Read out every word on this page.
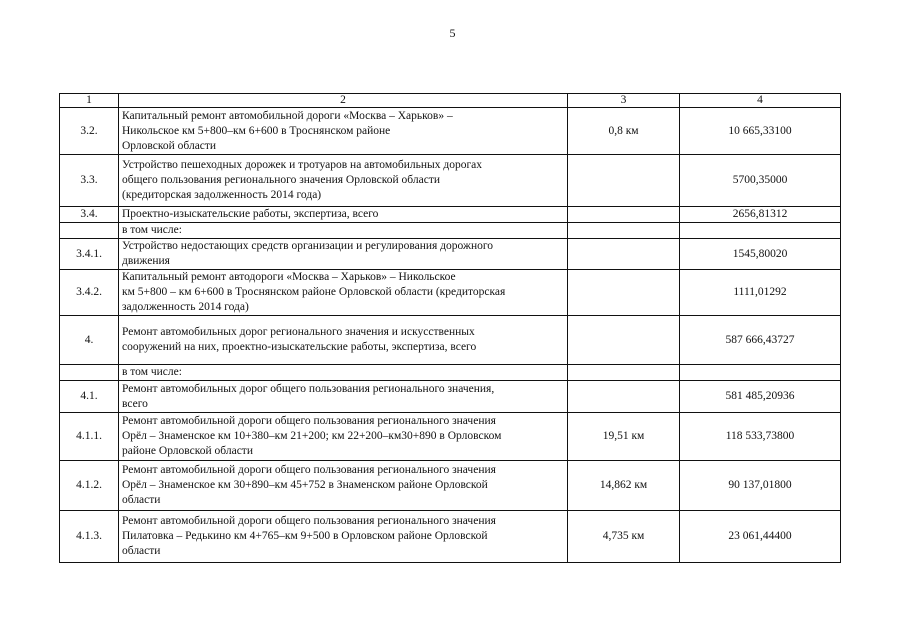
5
1	2	3	4
3.2.	Капитальный ремонт автомобильной дороги «Москва – Харьков» –
Никольское км 5+800–км 6+600 в Троснянском районе
Орловской области	0,8 км	10 665,33100
3.3.	Устройство пешеходных дорожек и тротуаров на автомобильных дорогах
общего пользования регионального значения Орловской области
(кредиторская задолженность 2014 года)		5700,35000
3.4.	Проектно-изыскательские работы, экспертиза, всего		2656,81312

	в том числе:		

3.4.1.	Устройство недостающих средств организации и регулирования дорожного
движения		1545,80020
3.4.2.	Капитальный ремонт автодороги «Москва – Харьков» – Никольское
км 5+800 – км 6+600 в Троснянском районе Орловской области (кредиторская
задолженность 2014 года)		1111,01292
4.	Ремонт автомобильных дорог регионального значения и искусственных
сооружений на них, проектно-изыскательские работы, экспертиза, всего		587 666,43727

	в том числе:		

4.1.	Ремонт автомобильных дорог общего пользования регионального значения,
всего		581 485,20936
4.1.1.	Ремонт автомобильной дороги общего пользования регионального значения
Орёл – Знаменское км 10+380–км 21+200; км 22+200–км30+890 в Орловском
районе Орловской области	19,51 км	118 533,73800
4.1.2.	Ремонт автомобильной дороги общего пользования регионального значения
Орёл – Знаменское км 30+890–км 45+752 в Знаменском районе Орловской
области	14,862 км	90 137,01800
4.1.3.	Ремонт автомобильной дороги общего пользования регионального значения
Пилатовка – Редькино км 4+765–км 9+500 в Орловском районе Орловской
области	4,735 км	23 061,44400
